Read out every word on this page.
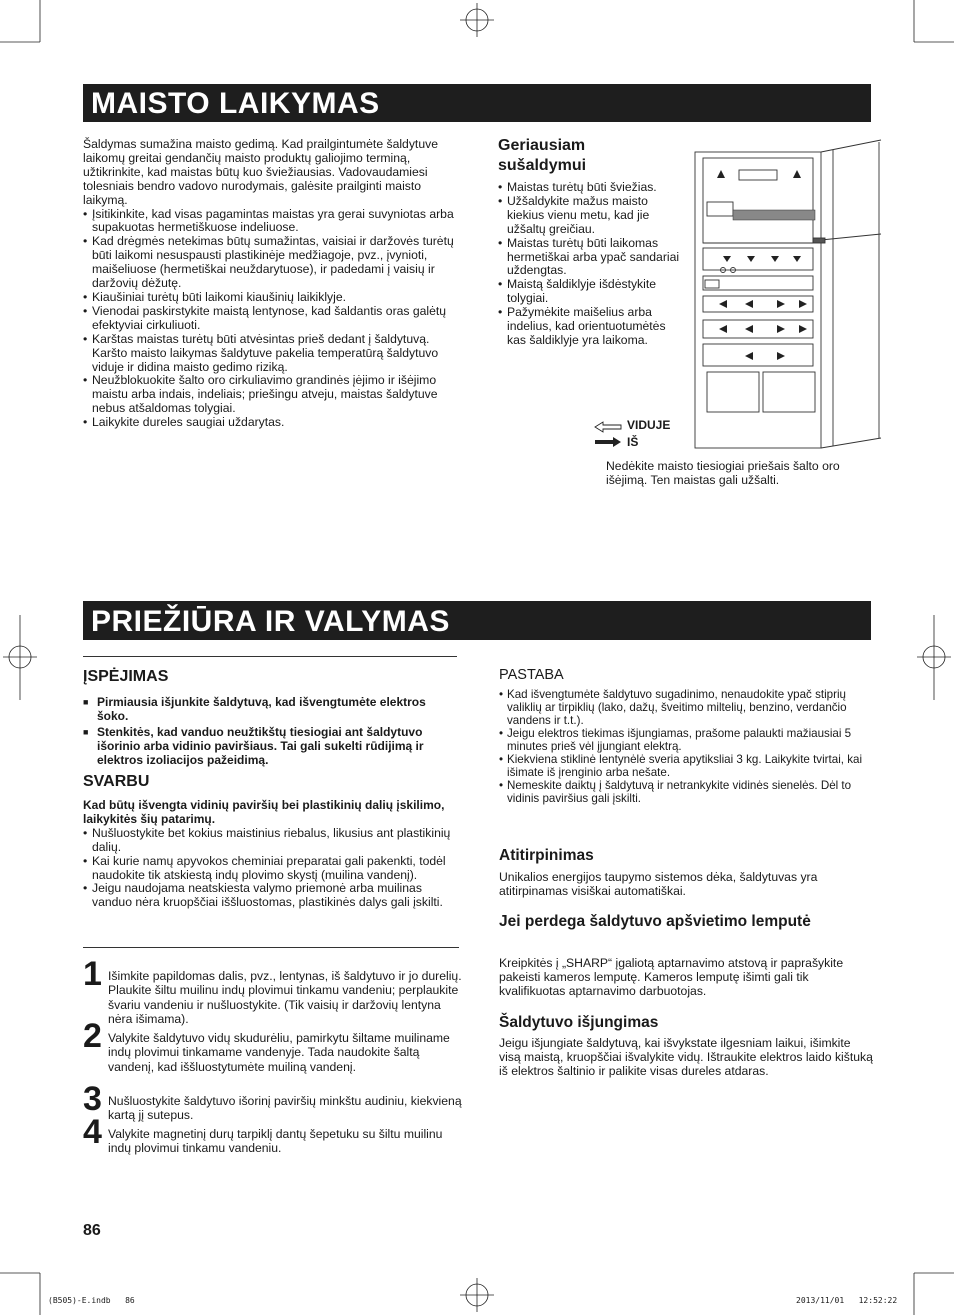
MAISTO LAIKYMAS

Šaldymas sumažina maisto gedimą. Kad prailgintumėte šaldytuve laikomų greitai gendančių maisto produktų galiojimo terminą, užtikrinkite, kad maistas būtų kuo šviežiausias. Vadovaudamiesi tolesniais bendro vadovo nurodymais, galėsite prailginti maisto laikymą.

• Įsitikinkite, kad visas pagamintas maistas yra gerai suvyniotas arba supakuotas hermetiškuose indeliuose.
• Kad drėgmės netekimas būtų sumažintas, vaisiai ir daržovės turėtų būti laikomi nesuspausti plastikinėje medžiagoje, pvz., įvynioti, maišeliuose (hermetiškai neuždarytuose), ir padedami į vaisių ir daržovių dėžutę.
• Kiaušiniai turėtų būti laikomi kiaušinių laikiklyje.
• Vienodai paskirstykite maistą lentynose, kad šaldantis oras galėtų efektyviai cirkuliuoti.
• Karštas maistas turėtų būti atvėsintas prieš dedant į šaldytuvą. Karšto maisto laikymas šaldytuve pakelia temperatūrą šaldytuvo viduje ir didina maisto gedimo riziką.
• Neužblokuokite šalto oro cirkuliavimo grandinės įėjimo ir išėjimo maistu arba indais, indeliais; priešingu atveju, maistas šaldytuve nebus atšaldomas tolygiai.
• Laikykite dureles saugiai uždarytas.

Geriausiam sušaldymui

• Maistas turėtų būti šviežias.
• Užšaldykite mažus maisto kiekius vienu metu, kad jie užšaltų greičiau.
• Maistas turėtų būti laikomas hermetiškai arba ypač sandariai uždengtas.
• Maistą šaldiklyje išdėstykite tolygiai.
• Pažymėkite maišelius arba indelius, kad orientuotumėtės kas šaldiklyje yra laikoma.
VIDUJE
IŠ

Nedėkite maisto tiesiogiai priešais šalto oro išėjimą. Ten maistas gali užšalti.

PRIEŽIŪRA IR VALYMAS

ĮSPĖJIMAS

■ Pirmiausia išjunkite šaldytuvą, kad išvengtumėte elektros šoko.
■ Stenkitės, kad vanduo neužtikštų tiesiogiai ant šaldytuvo išorinio arba vidinio paviršiaus. Tai gali sukelti rūdijimą ir elektros izoliacijos pažeidimą.

SVARBU

Kad būtų išvengta vidinių paviršių bei plastikinių dalių įskilimo, laikykitės šių patarimų.

• Nušluostykite bet kokius maistinius riebalus, likusius ant plastikinių dalių.
• Kai kurie namų apyvokos cheminiai preparatai gali pakenkti, todėl naudokite tik atskiestą indų plovimo skystį (muilina vandenį).
• Jeigu naudojama neatskiesta valymo priemonė arba muilinas vanduo nėra kruopščiai iššluostomas, plastikinės dalys gali įskilti.
1 Išimkite papildomas dalis, pvz., lentynas, iš šaldytuvo ir jo durelių. Plaukite šiltu muilinu indų plovimui tinkamu vandeniu; perplaukite švariu vandeniu ir nušluostykite. (Tik vaisių ir daržovių lentyna nėra išimama).

2 Valykite šaldytuvo vidų skudurėliu, pamirkytu šiltame muiliname indų plovimui tinkamame vandenyje. Tada naudokite šaltą vandenį, kad iššluostytumėte muiliną vandenį.

3 Nušluostykite šaldytuvo išorinį paviršių minkštu audiniu, kiekvieną kartą jį sutepus.

4 Valykite magnetinį durų tarpiklį dantų šepetuku su šiltu muilinu indų plovimui tinkamu vandeniu.

PASTABA

• Kad išvengtumėte šaldytuvo sugadinimo, nenaudokite ypač stiprių valiklių ar tirpiklių (lako, dažų, šveitimo miltelių, benzino, verdančio vandens ir t.t.).
• Jeigu elektros tiekimas išjungiamas, prašome palaukti mažiausiai 5 minutes prieš vėl įjungiant elektrą.
• Kiekviena stiklinė lentynėlė sveria apytiksliai 3 kg. Laikykite tvirtai, kai išimate iš įrenginio arba nešate.
• Nemeskite daiktų į šaldytuvą ir netrankykite vidinės sienelės. Dėl to vidinis paviršius gali įskilti.

Atitirpinimas

Unikalios energijos taupymo sistemos dėka, šaldytuvas yra atitirpinamas visiškai automatiškai.

Jei perdega šaldytuvo apšvietimo lemputė

Kreipkitės į „SHARP“ įgaliotą aptarnavimo atstovą ir paprašykite pakeisti kameros lemputę. Kameros lemputę išimti gali tik kvalifikuotas aptarnavimo darbuotojas.

Šaldytuvo išjungimas

Jeigu išjungiate šaldytuvą, kai išvykstate ilgesniam laikui, išimkite visą maistą, kruopščiai išvalykite vidų. Ištraukite elektros laido kištuką iš elektros šaltinio ir palikite visas dureles atdaras.

86
(B505)-E.indb   86	2013/11/01   12:52:22
